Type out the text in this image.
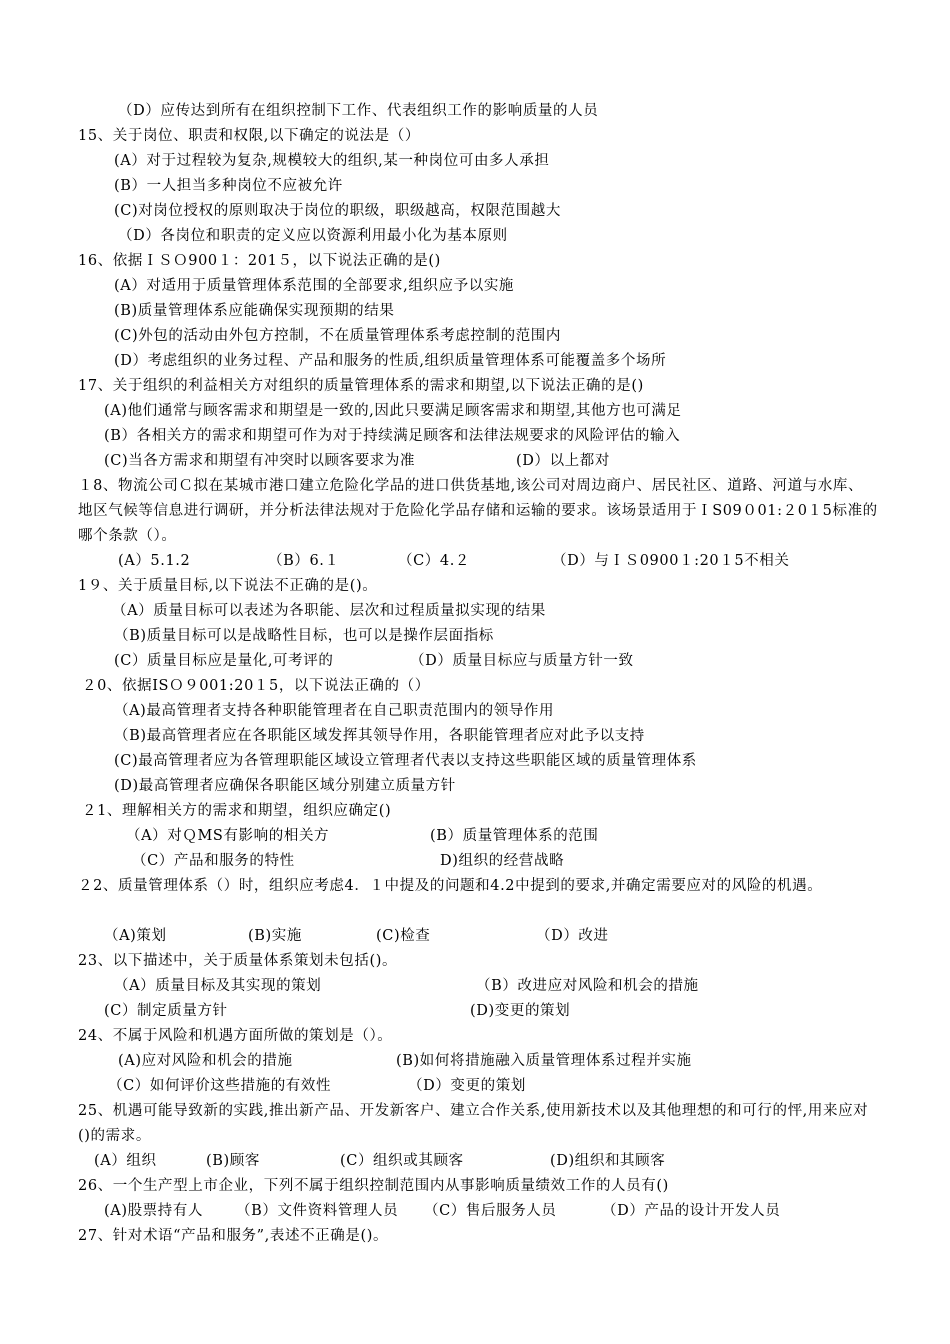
（D）应传达到所有在组织控制下工作、代表组织工作的影响质量的人员
15、关于岗位、职责和权限,以下确定的说法是（）
(A）对于过程较为复杂,规模较大的组织,某一种岗位可由多人承担
(B）一人担当多种岗位不应被允许
(C)对岗位授权的原则取决于岗位的职级，职级越高，权限范围越大
（D）各岗位和职责的定义应以资源利用最小化为基本原则
16、依据ＩＳＯ900１：201５，以下说法正确的是()
(A）对适用于质量管理体系范围的全部要求,组织应予以实施
(B)质量管理体系应能确保实现预期的结果
(C)外包的活动由外包方控制，不在质量管理体系考虑控制的范围内
(D）考虑组织的业务过程、产品和服务的性质,组织质量管理体系可能覆盖多个场所
17、关于组织的利益相关方对组织的质量管理体系的需求和期望,以下说法正确的是()
(A)他们通常与顾客需求和期望是一致的,因此只要满足顾客需求和期望,其他方也可满足
(B）各相关方的需求和期望可作为对于持续满足顾客和法律法规要求的风险评估的输入
(C)当各方需求和期望有冲突时以顾客要求为准	(D）以上都对
１8、物流公司Ｃ拟在某城市港口建立危险化学品的进口供货基地,该公司对周边商户、居民社区、道路、河道与水库、地区气候等信息进行调研，并分析法律法规对于危险化学品存储和运输的要求。该场景适用于ＩS09０01:２0１5标准的哪个条款（）。
(A）5.1.2	（B）6.１	（C）4.２	（D）与ＩＳ0900１:20１5不相关
1９、关于质量目标,以下说法不正确的是()。
（A）质量目标可以表述为各职能、层次和过程质量拟实现的结果
（B)质量目标可以是战略性目标，也可以是操作层面指标
(C）质量目标应是量化,可考评的	（D）质量目标应与质量方针一致
２0、依据ISＯ９001:20１5，以下说法正确的（）
（A)最高管理者支持各种职能管理者在自己职责范围内的领导作用
（B)最高管理者应在各职能区域发挥其领导作用，各职能管理者应对此予以支持
(C)最高管理者应为各管理职能区域设立管理者代表以支持这些职能区域的质量管理体系
(D)最高管理者应确保各职能区域分别建立质量方针
２1、理解相关方的需求和期望，组织应确定()
（A）对ＱMS有影响的相关方	(B）质量管理体系的范围
（C）产品和服务的特性	D)组织的经营战略
２2、质量管理体系（）时，组织应考虑4．１中提及的问题和4.2中提到的要求,并确定需要应对的风险的机遇。
（A)策划	(B)实施	(C)检查	（D）改进
23、以下描述中，关于质量体系策划未包括()。
（A）质量目标及其实现的策划	（B）改进应对风险和机会的措施
(C）制定质量方针	(D)变更的策划
24、不属于风险和机遇方面所做的策划是（）。
(A)应对风险和机会的措施	(B)如何将措施融入质量管理体系过程并实施
（C）如何评价这些措施的有效性	（D）变更的策划
25、机遇可能导致新的实践,推出新产品、开发新客户、建立合作关系,使用新技术以及其他理想的和可行的怦,用来应对()的需求。
(A）组织	(B)顾客	(C）组织或其顾客	(D)组织和其顾客
26、一个生产型上市企业，下列不属于组织控制范围内从事影响质量绩效工作的人员有()
(A)股票持有人 （B）文件资料管理人员 （C）售后服务人员	（D）产品的设计开发人员
27、针对术语“产品和服务”,表述不正确是()。
